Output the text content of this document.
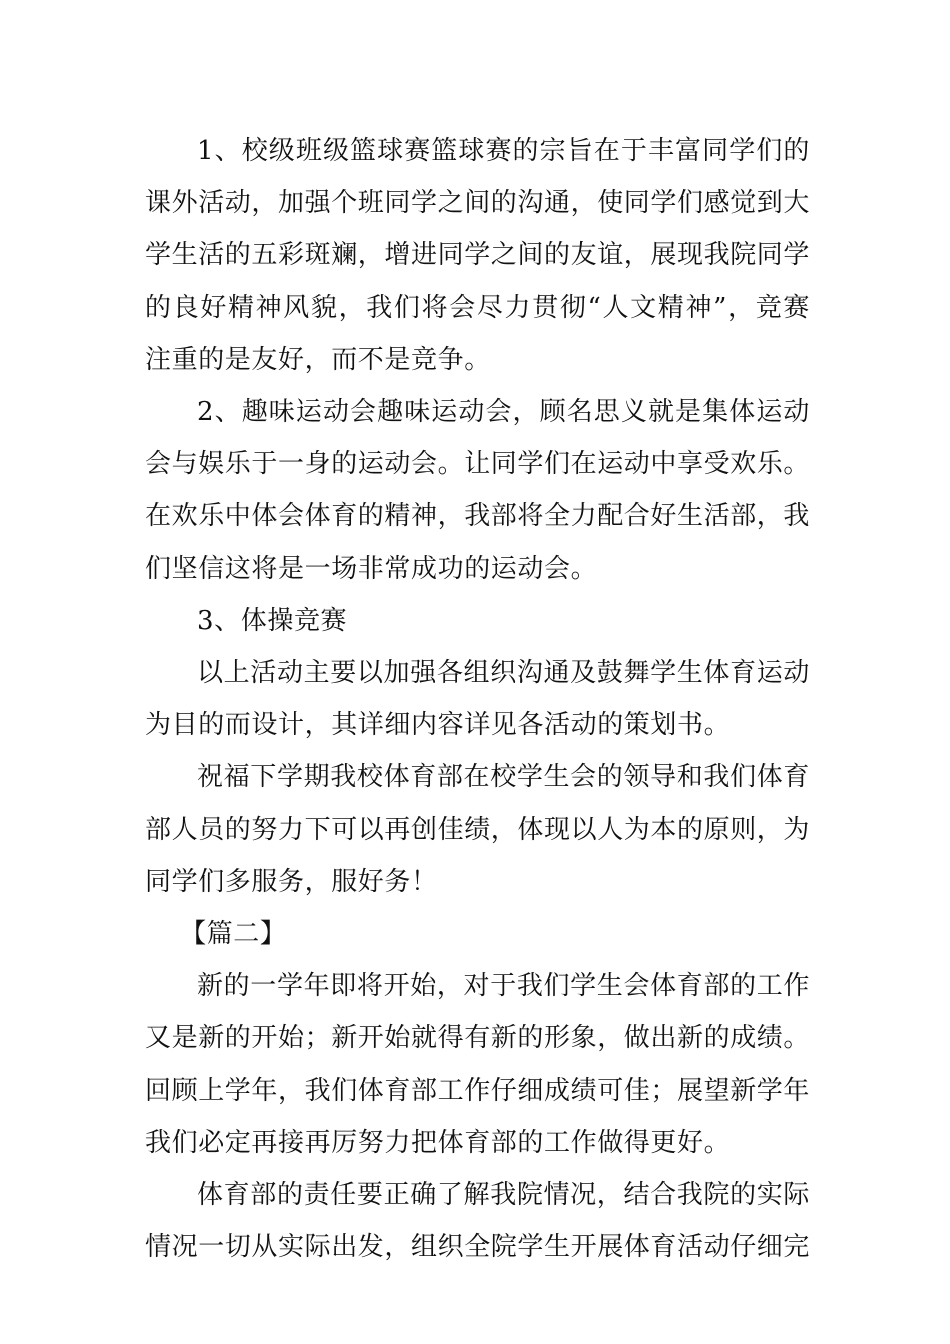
1、校级班级篮球赛篮球赛的宗旨在于丰富同学们的课外活动，加强个班同学之间的沟通，使同学们感觉到大学生活的五彩斑斓，增进同学之间的友谊，展现我院同学的良好精神风貌，我们将会尽力贯彻“人文精神”，竞赛注重的是友好，而不是竞争。

2、趣味运动会趣味运动会，顾名思义就是集体运动会与娱乐于一身的运动会。让同学们在运动中享受欢乐。在欢乐中体会体育的精神，我部将全力配合好生活部，我们坚信这将是一场非常成功的运动会。

3、体操竞赛

以上活动主要以加强各组织沟通及鼓舞学生体育运动为目的而设计，其详细内容详见各活动的策划书。

祝福下学期我校体育部在校学生会的领导和我们体育部人员的努力下可以再创佳绩，体现以人为本的原则，为同学们多服务，服好务！

【篇二】

新的一学年即将开始，对于我们学生会体育部的工作又是新的开始；新开始就得有新的形象，做出新的成绩。回顾上学年，我们体育部工作仔细成绩可佳；展望新学年我们必定再接再厉努力把体育部的工作做得更好。

体育部的责任要正确了解我院情况，结合我院的实际情况一切从实际出发，组织全院学生开展体育活动仔细完
